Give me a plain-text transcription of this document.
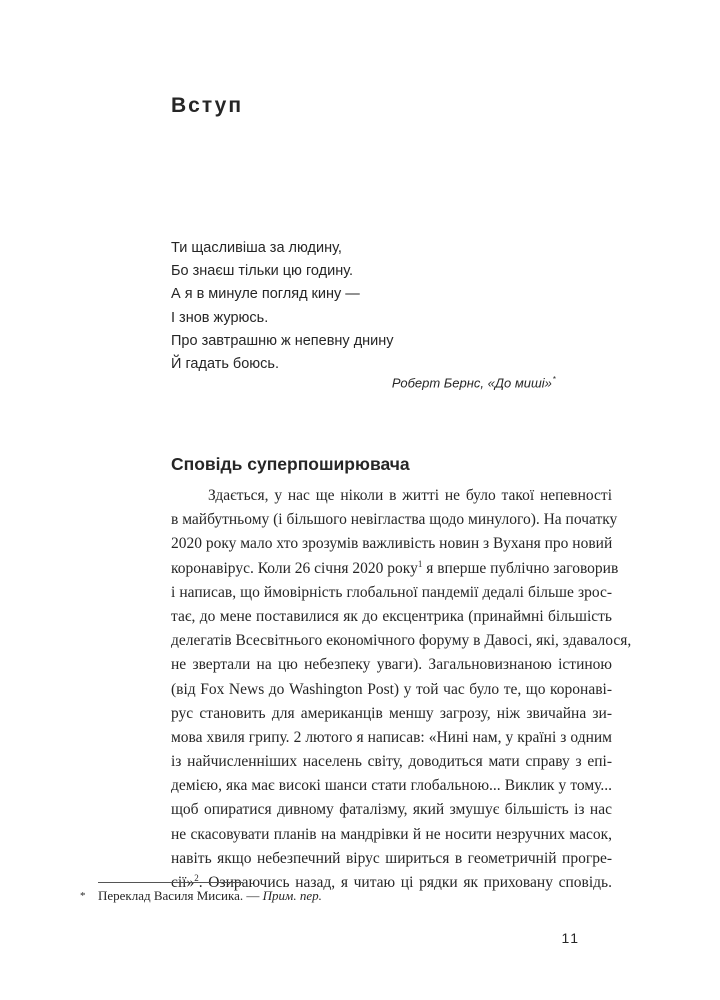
Вступ
Ти щасливіша за людину,
Бо знаєш тільки цю годину.
А я в минуле погляд кину —
І знов журюсь.
Про завтрашню ж непевну днину
Й гадать боюсь.
Роберт Бернс, «До миші»*
Сповідь суперпоширювача
Здається, у нас ще ніколи в житті не було такої непевності
в майбутньому (і більшого невігластва щодо минулого). На початку
2020 року мало хто зрозумів важливість новин з Вуханя про новий
коронавірус. Коли 26 січня 2020 року$^1$ я вперше публічно заговорив
і написав, що ймовірність глобальної пандемії дедалі більше зрос-
тає, до мене поставилися як до ексцентрика (принаймні більшість
делегатів Всесвітнього економічного форуму в Давосі, які, здавалося,
не звертали на цю небезпеку уваги). Загальновизнаною істиною
(від Fox News до Washington Post) у той час було те, що коронаві-
рус становить для американців меншу загрозу, ніж звичайна зи-
мова хвиля грипу. 2 лютого я написав: «Нині нам, у країні з одним
із найчисленніших населень світу, доводиться мати справу з епі-
демією, яка має високі шанси стати глобальною... Виклик у тому...
щоб опиратися дивному фаталізму, який змушує більшість із нас
не скасовувати планів на мандрівки й не носити незручних масок,
навіть якщо небезпечний вірус шириться в геометричній прогре-
сії»$^2$. Озираючись назад, я читаю ці рядки як приховану сповідь.
* Переклад Василя Мисика. — Прим. пер.
11
